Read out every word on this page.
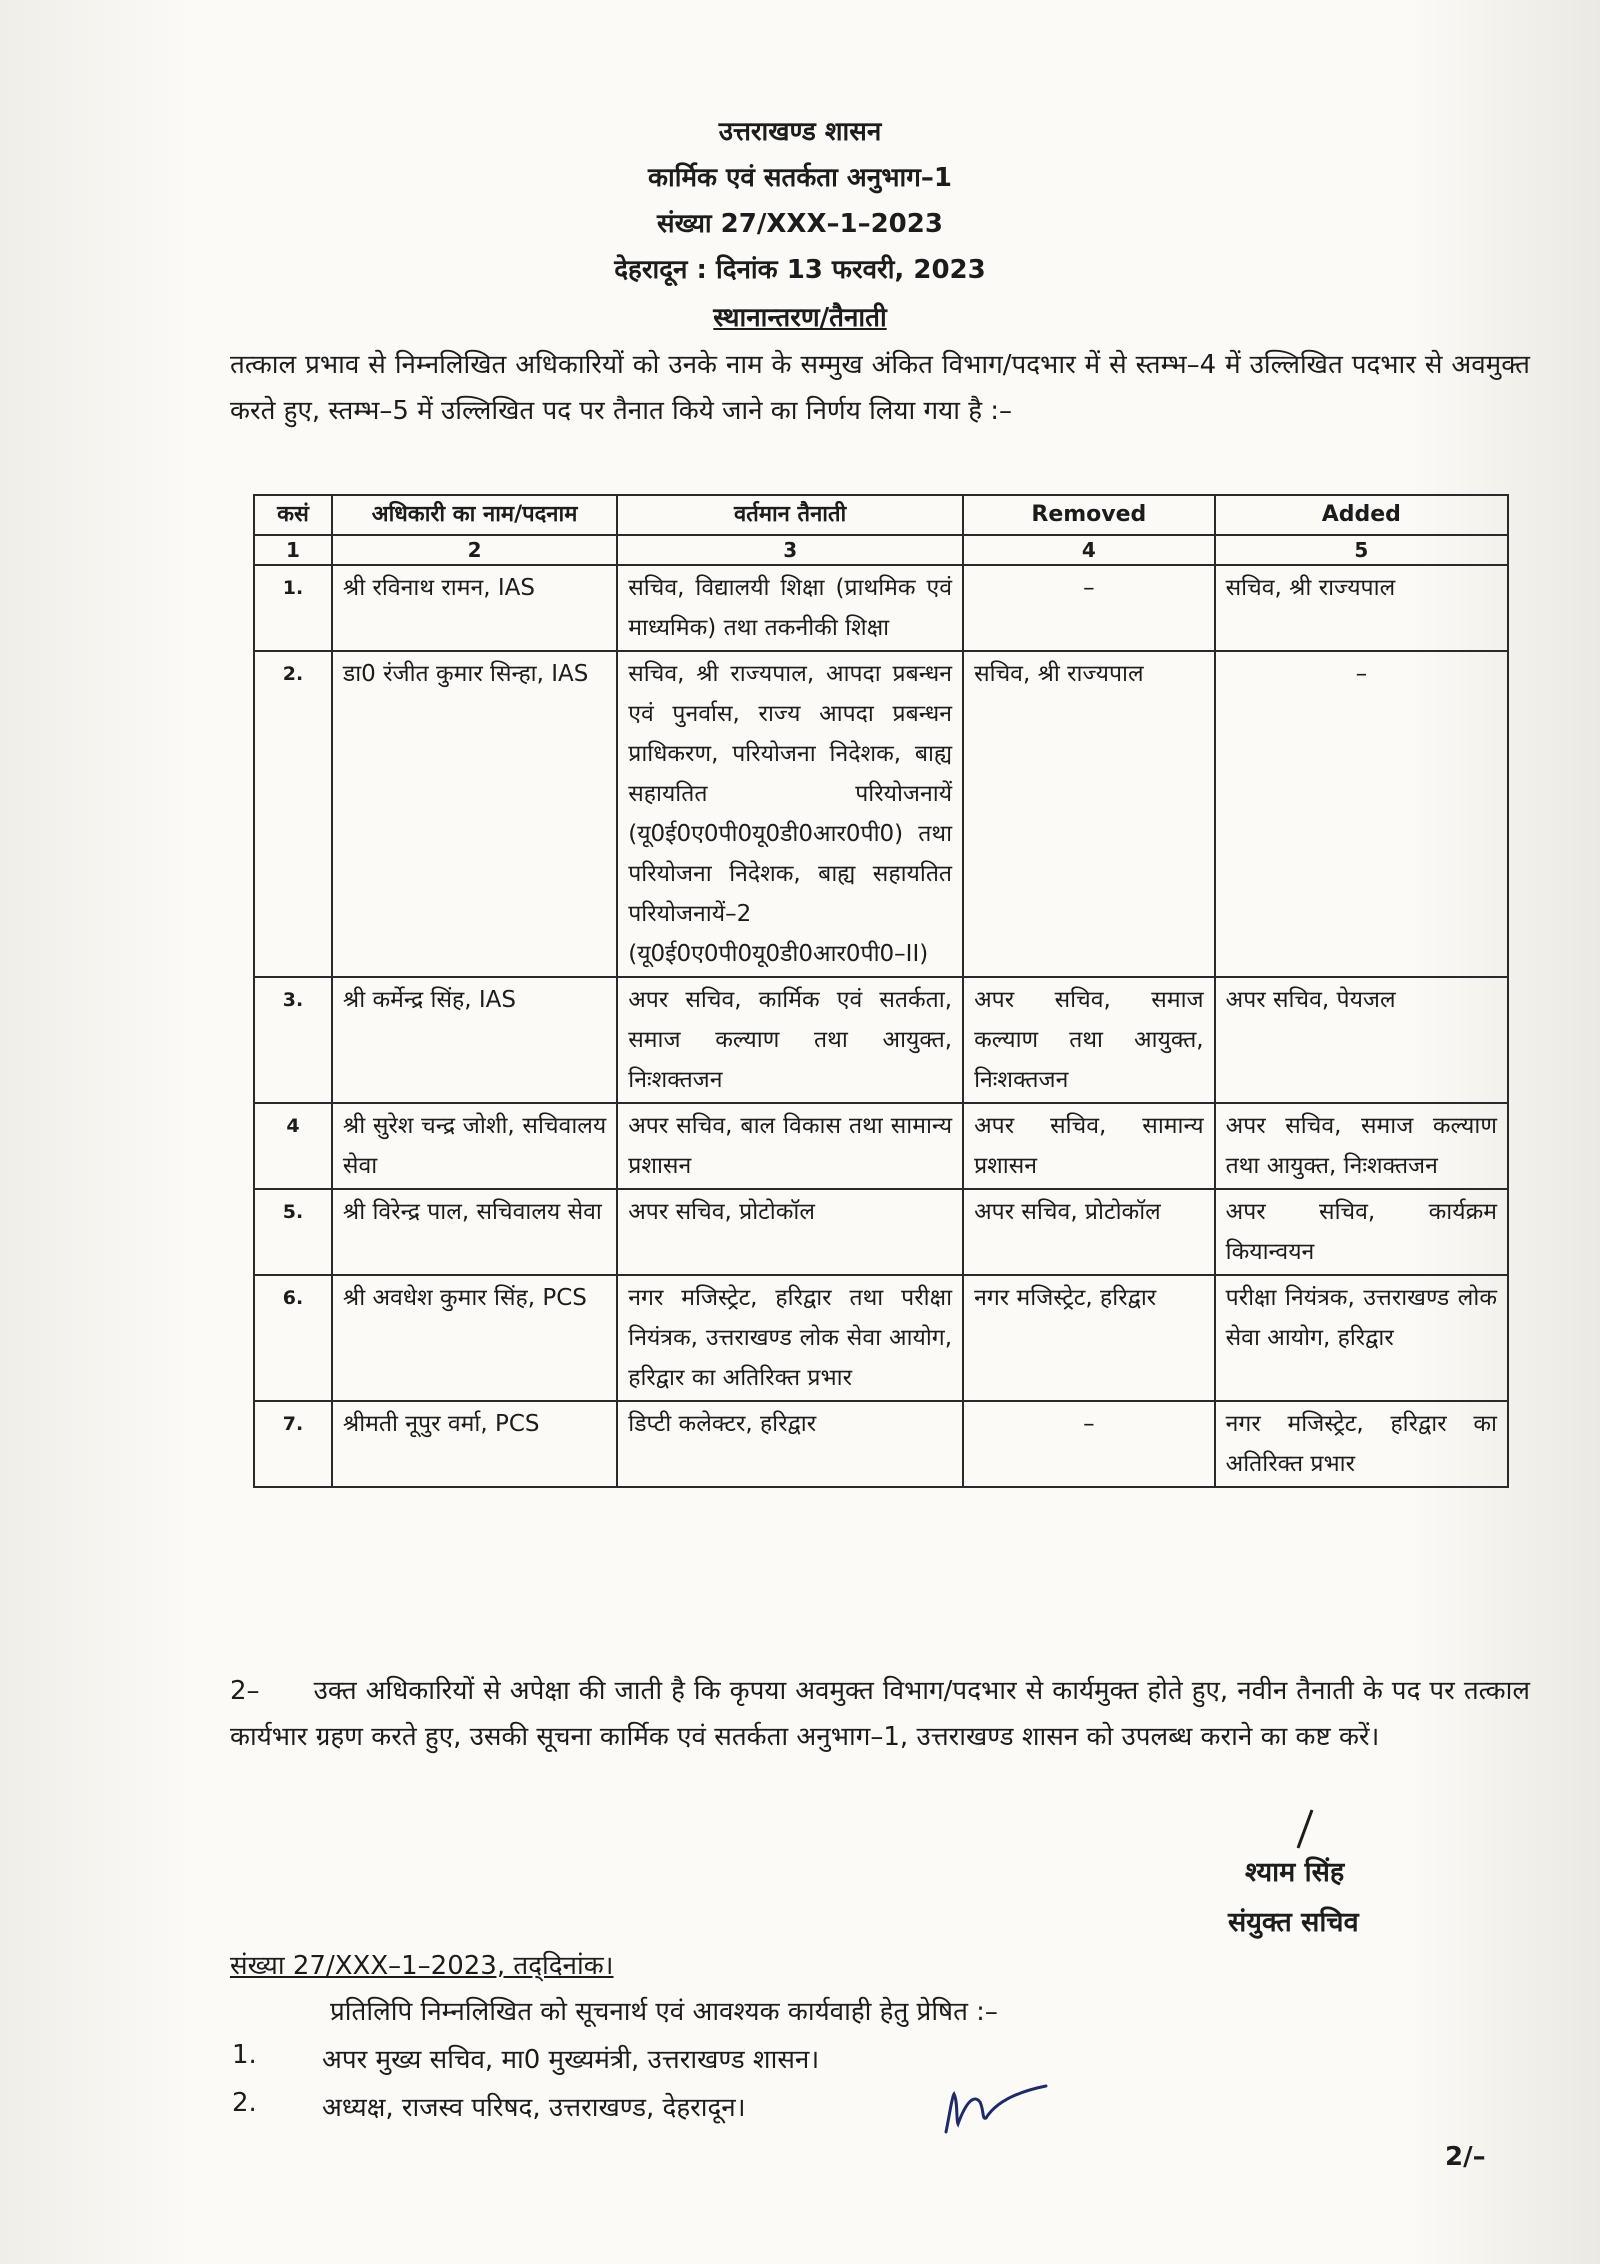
उत्तराखण्ड शासन
कार्मिक एवं सतर्कता अनुभाग–1
संख्या 27/XXX–1–2023
देहरादून : दिनांक 13 फरवरी, 2023
स्थानान्तरण/तैनाती
तत्काल प्रभाव से निम्नलिखित अधिकारियों को उनके नाम के सम्मुख अंकित विभाग/पदभार में से स्तम्भ–4 में उल्लिखित पदभार से अवमुक्त करते हुए, स्तम्भ–5 में उल्लिखित पद पर तैनात किये जाने का निर्णय लिया गया है :–
कसं	अधिकारी का नाम/पदनाम	वर्तमान तैनाती	Removed	Added
1	2	3	4	5
1.	श्री रविनाथ रामन, IAS	सचिव, विद्यालयी शिक्षा (प्राथमिक एवं माध्यमिक) तथा तकनीकी शिक्षा	–	सचिव, श्री राज्यपाल
2.	डा0 रंजीत कुमार सिन्हा, IAS	सचिव, श्री राज्यपाल, आपदा प्रबन्धन एवं पुनर्वास, राज्य आपदा प्रबन्धन प्राधिकरण, परियोजना निदेशक, बाह्य सहायतित परियोजनायें (यू0ई0ए0पी0यू0डी0आर0पी0) तथा परियोजना निदेशक, बाह्य सहायतित परियोजनायें–2 (यू0ई0ए0पी0यू0डी0आर0पी0–II)	सचिव, श्री राज्यपाल	–
3.	श्री कर्मेन्द्र सिंह, IAS	अपर सचिव, कार्मिक एवं सतर्कता, समाज कल्याण तथा आयुक्त, निःशक्तजन	अपर सचिव, समाज कल्याण तथा आयुक्त, निःशक्तजन	अपर सचिव, पेयजल
4	श्री सुरेश चन्द्र जोशी, सचिवालय सेवा	अपर सचिव, बाल विकास तथा सामान्य प्रशासन	अपर सचिव, सामान्य प्रशासन	अपर सचिव, समाज कल्याण तथा आयुक्त, निःशक्तजन
5.	श्री विरेन्द्र पाल, सचिवालय सेवा	अपर सचिव, प्रोटोकॉल	अपर सचिव, प्रोटोकॉल	अपर सचिव, कार्यक्रम कियान्वयन
6.	श्री अवधेश कुमार सिंह, PCS	नगर मजिस्ट्रेट, हरिद्वार तथा परीक्षा नियंत्रक, उत्तराखण्ड लोक सेवा आयोग, हरिद्वार का अतिरिक्त प्रभार	नगर मजिस्ट्रेट, हरिद्वार	परीक्षा नियंत्रक, उत्तराखण्ड लोक सेवा आयोग, हरिद्वार
7.	श्रीमती नूपुर वर्मा, PCS	डिप्टी कलेक्टर, हरिद्वार	–	नगर मजिस्ट्रेट, हरिद्वार का अतिरिक्त प्रभार
2–      उक्त अधिकारियों से अपेक्षा की जाती है कि कृपया अवमुक्त विभाग/पदभार से कार्यमुक्त होते हुए, नवीन तैनाती के पद पर तत्काल कार्यभार ग्रहण करते हुए, उसकी सूचना कार्मिक एवं सतर्कता अनुभाग–1, उत्तराखण्ड शासन को उपलब्ध कराने का कष्ट करें।
श्याम सिंह
संयुक्त सचिव
संख्या 27/XXX–1–2023, तद्‌दिनांक।
प्रतिलिपि निम्नलिखित को सूचनार्थ एवं आवश्यक कार्यवाही हेतु प्रेषित :–
1.	अपर मुख्य सचिव, मा0 मुख्यमंत्री, उत्तराखण्ड शासन।
2.	अध्यक्ष, राजस्व परिषद, उत्तराखण्ड, देहरादून।
2/–
